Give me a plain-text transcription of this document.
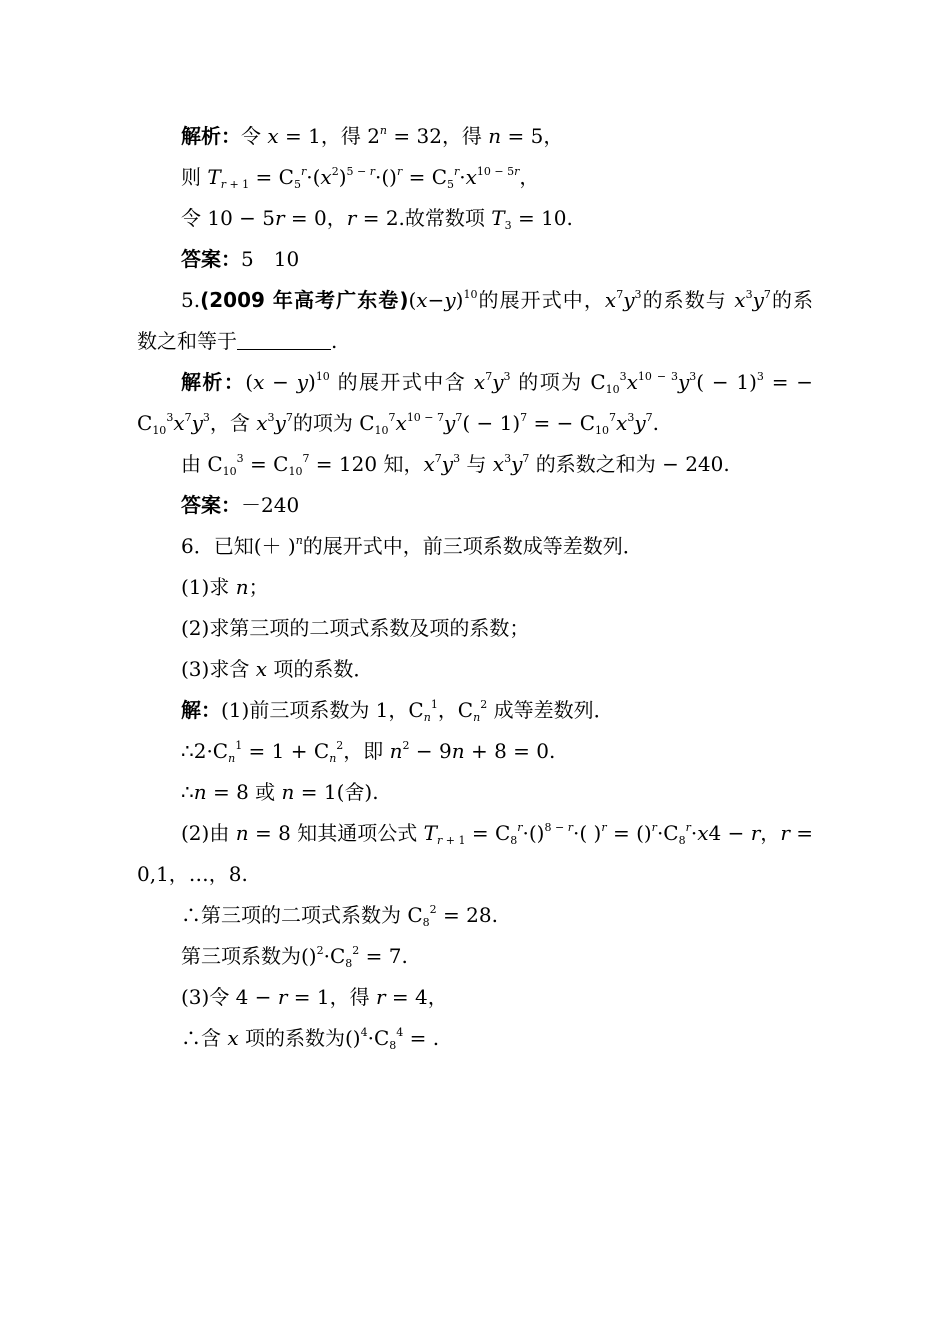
解析：令 x = 1，得 $2^n = 32$，得 n = 5，
则 $T_{r + 1} = C_5^r\cdot(x^2)^{5 - r}\cdot()^r = C_5^r\cdot x^{10 - 5r}$，
令 10 − 5r = 0，r = 2.故常数项 $T_3 = 10$.
答案：5　10
5.(2009 年高考广东卷)$(x-y)^{10}$的展开式中，$x^7y^3$的系数与 $x^3y^7$的系
数之和等于	.
解析：$(x - y)^{10}$ 的展开式中含 $x^7y^3$ 的项为 $C_{10}^3x^{10 - 3}y^3( - 1)^3$ = −
$C_{10}^3x^7y^3$，含 $x^3y^7$的项为 $C_{10}^7x^{10 - 7}y^7( - 1)^7$ = − $C_{10}^7x^3y^7$.
由 $C_{10}^3 = C_{10}^7 = 120$ 知，$x^7y^3$ 与 $x^3y^7$ 的系数之和为 − 240.
答案：－240
6．已知(＋ )$^n$的展开式中，前三项系数成等差数列．
(1)求 n；
(2)求第三项的二项式系数及项的系数；
(3)求含 x 项的系数．
解：(1)前三项系数为 1，$C_n^1$，$C_n^2$ 成等差数列．
$\therefore 2\cdot C_n^1 = 1 + C_n^2$，即 $n^2 - 9n + 8 = 0$.
∴n = 8 或 n = 1(舍).
(2)由 n = 8 知其通项公式 $T_{r + 1} = C_8^r\cdot()^{8 - r}\cdot$( )$^r = ()^r\cdot C_8^r\cdot x4 - r$，r =
0,1，…，8.
∴第三项的二项式系数为 $C_8^2 = 28$.
第三项系数为$()^2\cdot C_8^2 = 7$.
(3)令 4 − r = 1，得 r = 4，
∴含 x 项的系数为$()^4\cdot C_8^4$ = .
